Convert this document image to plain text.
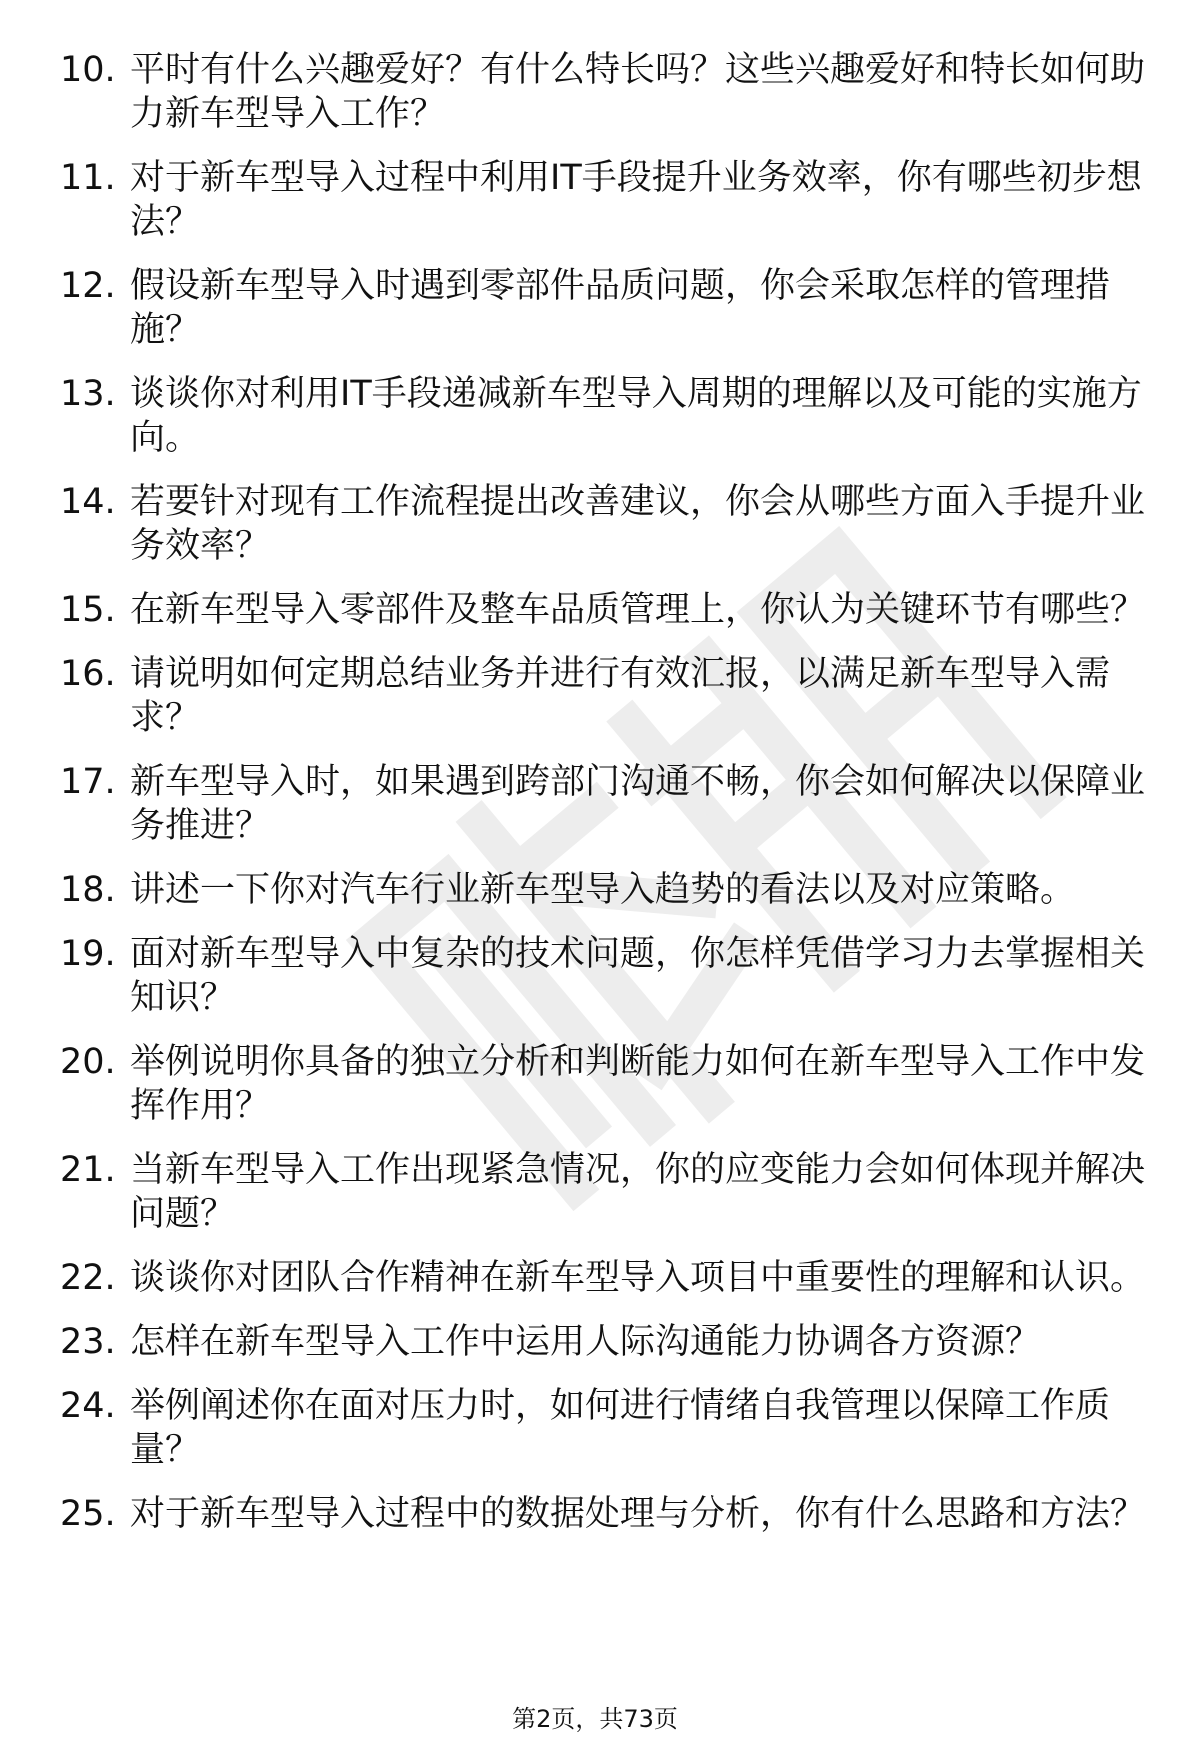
10. 平时有什么兴趣爱好？有什么特长吗？这些兴趣爱好和特长如何助力新车型导入工作？
11. 对于新车型导入过程中利用IT手段提升业务效率，你有哪些初步想法？
12. 假设新车型导入时遇到零部件品质问题，你会采取怎样的管理措施？
13. 谈谈你对利用IT手段递减新车型导入周期的理解以及可能的实施方向。
14. 若要针对现有工作流程提出改善建议，你会从哪些方面入手提升业务效率？
15. 在新车型导入零部件及整车品质管理上，你认为关键环节有哪些？
16. 请说明如何定期总结业务并进行有效汇报，以满足新车型导入需求？
17. 新车型导入时，如果遇到跨部门沟通不畅，你会如何解决以保障业务推进？
18. 讲述一下你对汽车行业新车型导入趋势的看法以及对应策略。
19. 面对新车型导入中复杂的技术问题，你怎样凭借学习力去掌握相关知识？
20. 举例说明你具备的独立分析和判断能力如何在新车型导入工作中发挥作用？
21. 当新车型导入工作出现紧急情况，你的应变能力会如何体现并解决问题？
22. 谈谈你对团队合作精神在新车型导入项目中重要性的理解和认识。
23. 怎样在新车型导入工作中运用人际沟通能力协调各方资源？
24. 举例阐述你在面对压力时，如何进行情绪自我管理以保障工作质量？
25. 对于新车型导入过程中的数据处理与分析，你有什么思路和方法？
第2页，共73页
